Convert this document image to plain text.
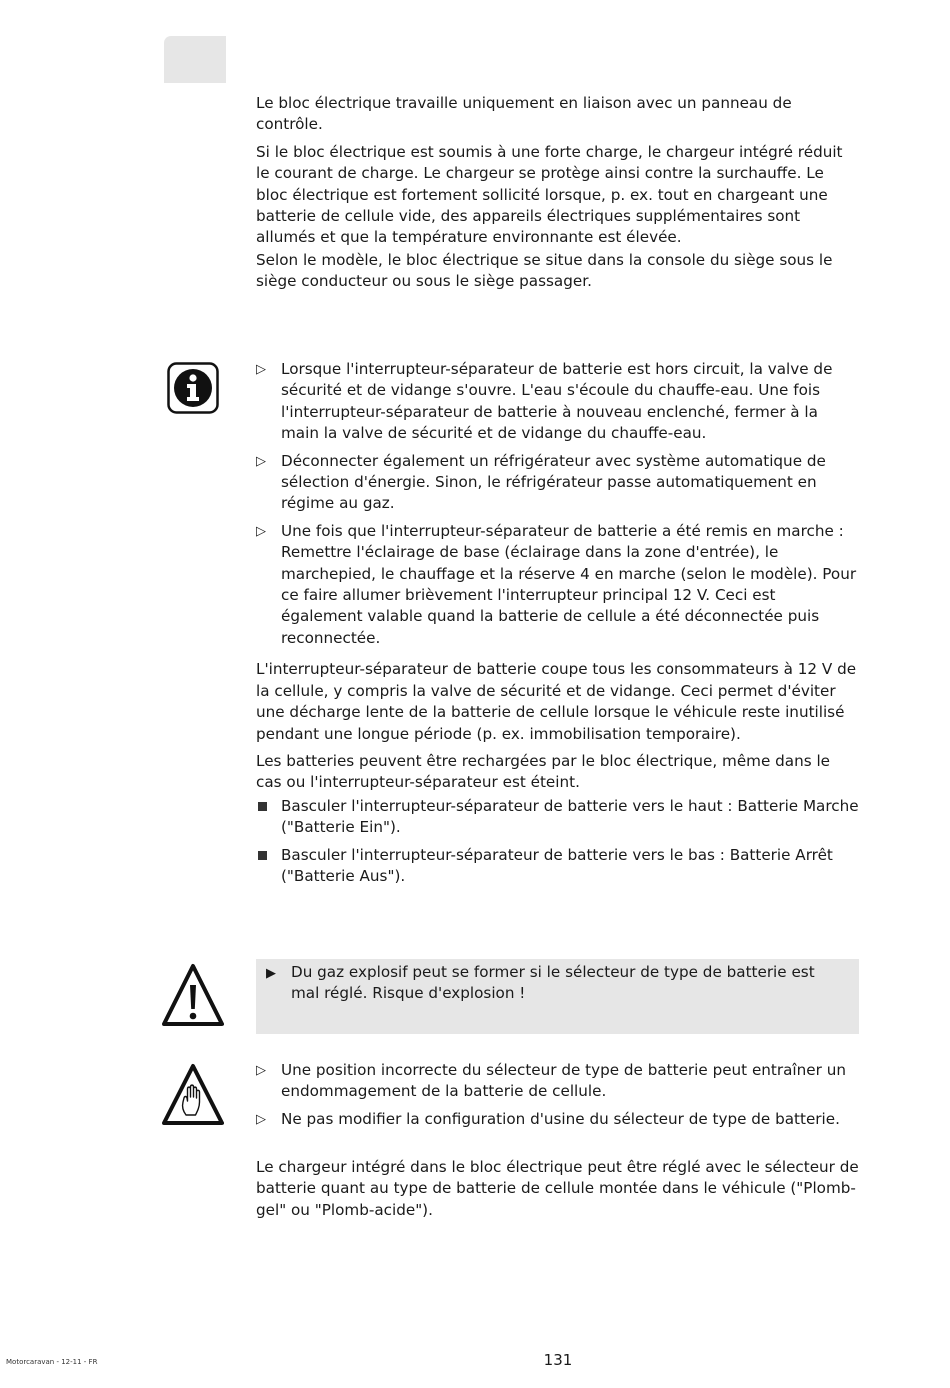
Le bloc électrique travaille uniquement en liaison avec un panneau de contrôle.

Si le bloc électrique est soumis à une forte charge, le chargeur intégré réduit le courant de charge. Le chargeur se protège ainsi contre la surchauffe. Le bloc électrique est fortement sollicité lorsque, p. ex. tout en chargeant une batterie de cellule vide, des appareils électriques supplémentaires sont allumés et que la température environnante est élevée.

Selon le modèle, le bloc électrique se situe dans la console du siège sous le siège conducteur ou sous le siège passager.

▷ Lorsque l'interrupteur-séparateur de batterie est hors circuit, la valve de sécurité et de vidange s'ouvre. L'eau s'écoule du chauffe-eau. Une fois l'interrupteur-séparateur de batterie à nouveau enclenché, fermer à la main la valve de sécurité et de vidange du chauffe-eau.

▷ Déconnecter également un réfrigérateur avec système automatique de sélection d'énergie. Sinon, le réfrigérateur passe automatiquement en régime au gaz.

▷ Une fois que l'interrupteur-séparateur de batterie a été remis en marche : Remettre l'éclairage de base (éclairage dans la zone d'entrée), le marchepied, le chauffage et la réserve 4 en marche (selon le modèle). Pour ce faire allumer brièvement l'interrupteur principal 12 V. Ceci est également valable quand la batterie de cellule a été déconnectée puis reconnectée.

L'interrupteur-séparateur de batterie coupe tous les consommateurs à 12 V de la cellule, y compris la valve de sécurité et de vidange. Ceci permet d'éviter une décharge lente de la batterie de cellule lorsque le véhicule reste inutilisé pendant une longue période (p. ex. immobilisation temporaire).

Les batteries peuvent être rechargées par le bloc électrique, même dans le cas ou l'interrupteur-séparateur est éteint.

Basculer l'interrupteur-séparateur de batterie vers le haut : Batterie Marche ("Batterie Ein").

Basculer l'interrupteur-séparateur de batterie vers le bas : Batterie Arrêt ("Batterie Aus").

▶ Du gaz explosif peut se former si le sélecteur de type de batterie est mal réglé. Risque d'explosion !

▷ Une position incorrecte du sélecteur de type de batterie peut entraîner un endommagement de la batterie de cellule.

▷ Ne pas modifier la configuration d'usine du sélecteur de type de batterie.

Le chargeur intégré dans le bloc électrique peut être réglé avec le sélecteur de batterie quant au type de batterie de cellule montée dans le véhicule ("Plomb-gel" ou "Plomb-acide").

Motorcaravan - 12-11 - FR	131
